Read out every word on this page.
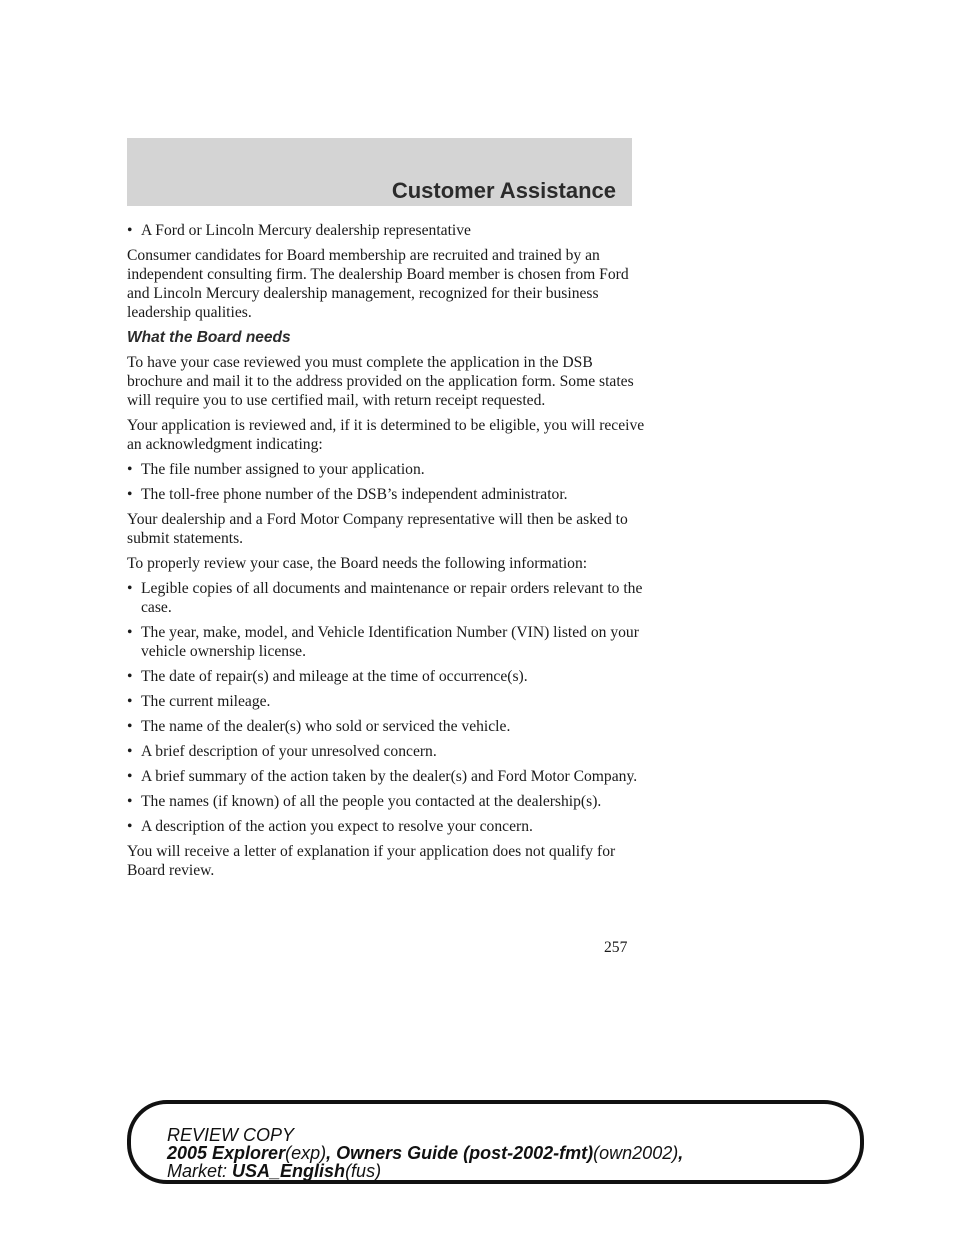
Customer Assistance
• A Ford or Lincoln Mercury dealership representative

Consumer candidates for Board membership are recruited and trained by an independent consulting firm. The dealership Board member is chosen from Ford and Lincoln Mercury dealership management, recognized for their business leadership qualities.

What the Board needs

To have your case reviewed you must complete the application in the DSB brochure and mail it to the address provided on the application form. Some states will require you to use certified mail, with return receipt requested.

Your application is reviewed and, if it is determined to be eligible, you will receive an acknowledgment indicating:

• The file number assigned to your application.
• The toll-free phone number of the DSB’s independent administrator.

Your dealership and a Ford Motor Company representative will then be asked to submit statements.

To properly review your case, the Board needs the following information:

• Legible copies of all documents and maintenance or repair orders relevant to the case.
• The year, make, model, and Vehicle Identification Number (VIN) listed on your vehicle ownership license.
• The date of repair(s) and mileage at the time of occurrence(s).
• The current mileage.
• The name of the dealer(s) who sold or serviced the vehicle.
• A brief description of your unresolved concern.
• A brief summary of the action taken by the dealer(s) and Ford Motor Company.
• The names (if known) of all the people you contacted at the dealership(s).
• A description of the action you expect to resolve your concern.

You will receive a letter of explanation if your application does not qualify for Board review.

257
REVIEW COPY
2005 Explorer(exp), Owners Guide (post-2002-fmt)(own2002),
Market: USA_English(fus)
